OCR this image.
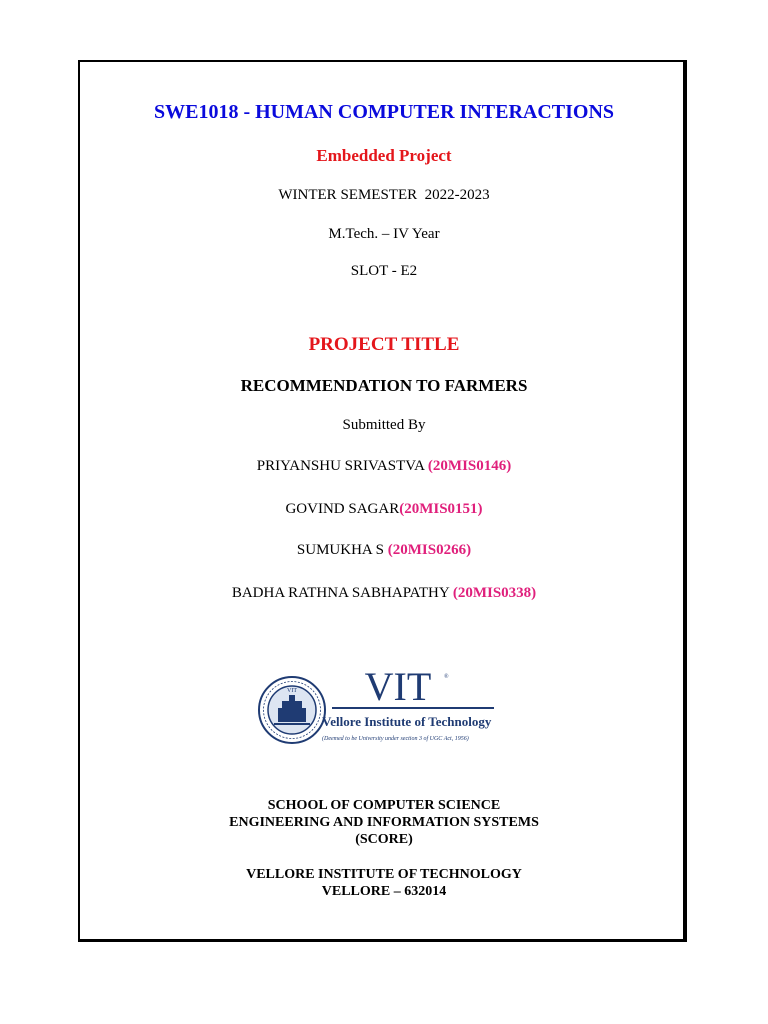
SWE1018 - HUMAN COMPUTER INTERACTIONS
Embedded Project
WINTER SEMESTER  2022-2023
M.Tech. – IV Year
SLOT - E2
PROJECT TITLE
RECOMMENDATION TO FARMERS
Submitted By
PRIYANSHU SRIVASTVA (20MIS0146)
GOVIND SAGAR(20MIS0151)
SUMUKHA S (20MIS0266)
BADHA RATHNA SABHAPATHY (20MIS0338)
VIT VIT ®
Vellore Institute of Technology
(Deemed to be University under section 3 of UGC Act, 1956)
SCHOOL OF COMPUTER SCIENCE
ENGINEERING AND INFORMATION SYSTEMS
(SCORE)
VELLORE INSTITUTE OF TECHNOLOGY
VELLORE – 632014
